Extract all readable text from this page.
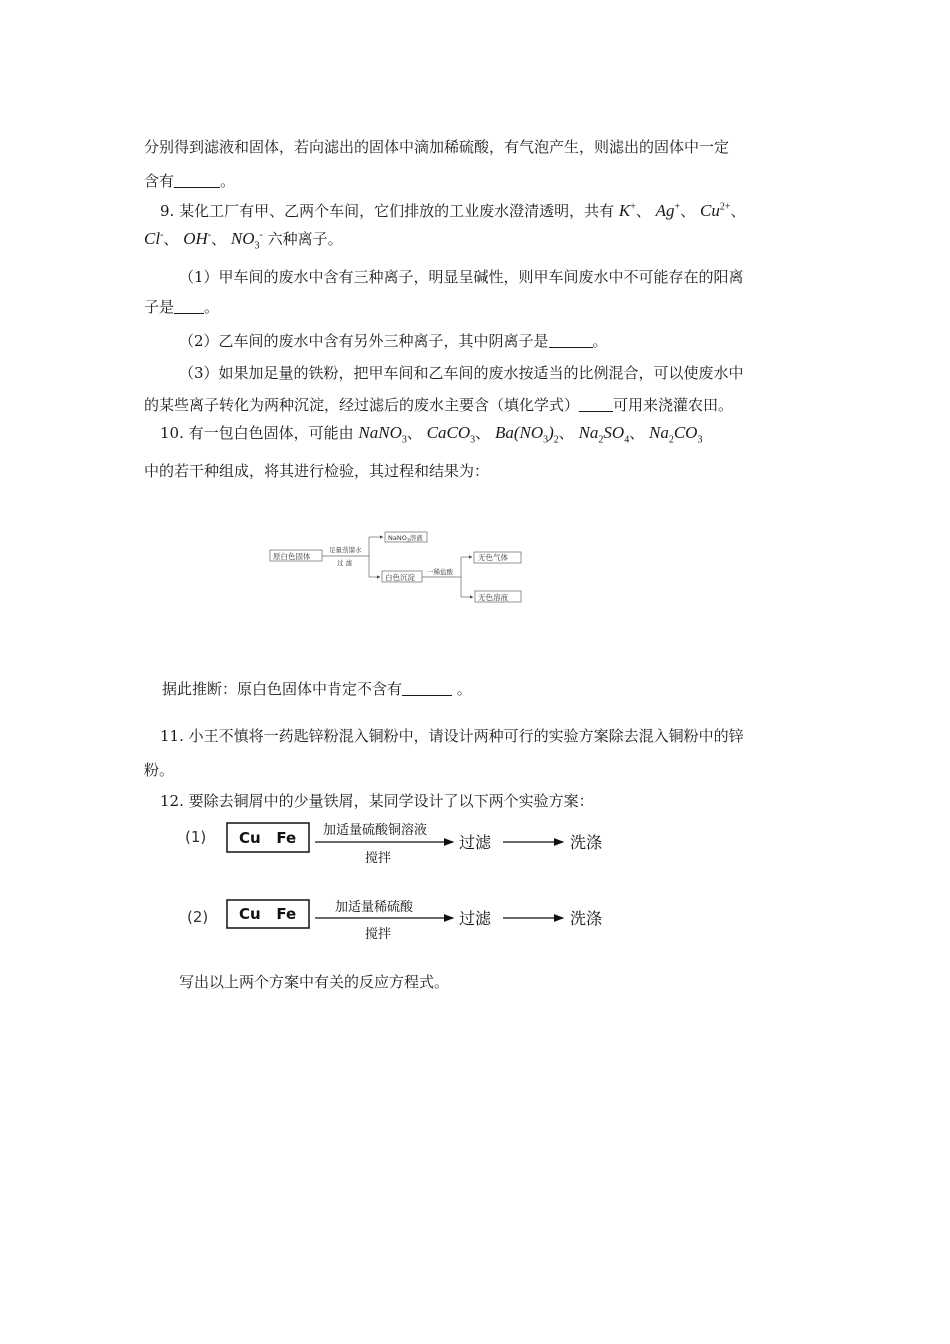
分别得到滤液和固体，若向滤出的固体中滴加稀硫酸，有气泡产生，则滤出的固体中一定
含有	。
9. 某化工厂有甲、乙两个车间，它们排放的工业废水澄清透明，共有 K+、 Ag+、 $Cu^{2+}$、
Cl-、 OH-、 $NO_3^-$ 六种离子。
（1）甲车间的废水中含有三种离子，明显呈碱性，则甲车间废水中不可能存在的阳离
子是 。
（2）乙车间的废水中含有另外三种离子，其中阴离子是	。
（3）如果加足量的铁粉，把甲车间和乙车间的废水按适当的比例混合，可以使废水中
的某些离子转化为两种沉淀，经过滤后的废水主要含（填化学式） 可用来浇灌农田。
10. 有一包白色固体，可能由 NaNO$_3$、 CaCO$_3$、 $Ba(NO_3)_2$、 $Na_2SO_4$、 $Na_2CO_3$
中的若干种组成，将其进行检验，其过程和结果为：
原白色固体
足量蒸馏水
过 滤
NaNO$_3$溶液
白色沉淀
一稀盐酸
无色气体
无色溶液
据此推断：原白色固体中肯定不含有	。
11. 小王不慎将一药匙锌粉混入铜粉中，请设计两种可行的实验方案除去混入铜粉中的锌
粉。
12. 要除去铜屑中的少量铁屑，某同学设计了以下两个实验方案：
(1) Cu   Fe 加适量硫酸铜溶液
搅拌
过滤	洗涤
(2) Cu   Fe	加适量稀硫酸
搅拌
过滤	洗涤
写出以上两个方案中有关的反应方程式。
